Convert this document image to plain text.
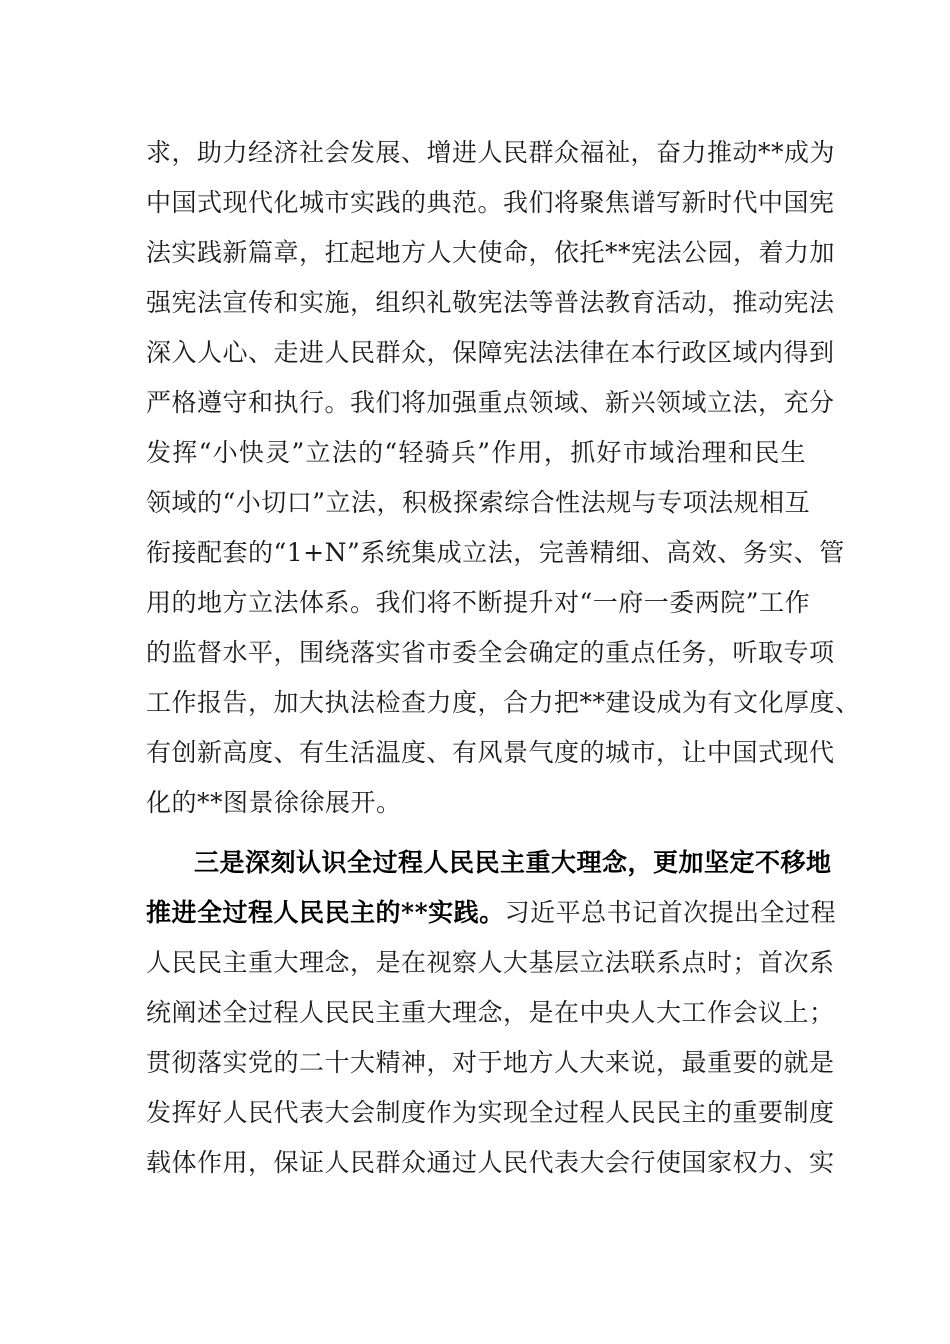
求，助力经济社会发展、增进人民群众福祉，奋力推动**成为
中国式现代化城市实践的典范。我们将聚焦谱写新时代中国宪
法实践新篇章，扛起地方人大使命，依托**宪法公园，着力加
强宪法宣传和实施，组织礼敬宪法等普法教育活动，推动宪法
深入人心、走进人民群众，保障宪法法律在本行政区域内得到
严格遵守和执行。我们将加强重点领域、新兴领域立法，充分
发挥“小快灵”立法的“轻骑兵”作用，抓好市域治理和民生
领域的“小切口”立法，积极探索综合性法规与专项法规相互
衔接配套的“1+N”系统集成立法，完善精细、高效、务实、管
用的地方立法体系。我们将不断提升对“一府一委两院”工作
的监督水平，围绕落实省市委全会确定的重点任务，听取专项
工作报告，加大执法检查力度，合力把**建设成为有文化厚度、
有创新高度、有生活温度、有风景气度的城市，让中国式现代
化的**图景徐徐展开。
三是深刻认识全过程人民民主重大理念，更加坚定不移地
推进全过程人民民主的**实践。习近平总书记首次提出全过程
人民民主重大理念，是在视察人大基层立法联系点时；首次系
统阐述全过程人民民主重大理念，是在中央人大工作会议上；
贯彻落实党的二十大精神，对于地方人大来说，最重要的就是
发挥好人民代表大会制度作为实现全过程人民民主的重要制度
载体作用，保证人民群众通过人民代表大会行使国家权力、实
